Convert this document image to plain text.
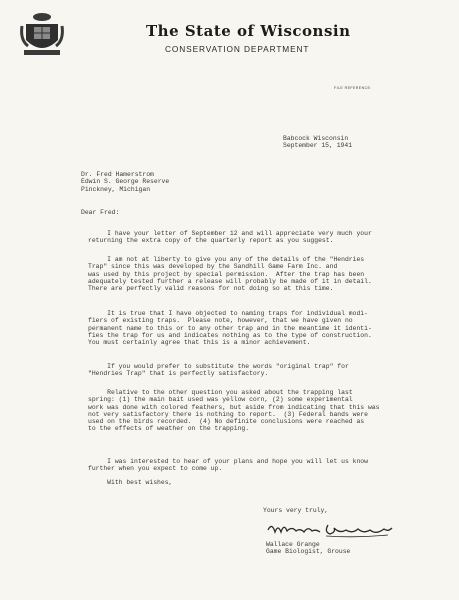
The State of Wisconsin
CONSERVATION DEPARTMENT
FILE REFERENCE:
Babcock Wisconsin
September 15, 1941
Dr. Fred Hamerstrom
Edwin S. George Reserve
Pinckney, Michigan
Dear Fred:
I have your letter of September 12 and will appreciate very much your
returning the extra copy of the quarterly report as you suggest.
I am not at liberty to give you any of the details of the "Hendries
Trap" since this was developed by the Sandhill Game Farm Inc. and
was used by this project by special permission.  After the trap has been
adequately tested further a release will probably be made of it in detail.
There are perfectly valid reasons for not doing so at this time.
It is true that I have objected to naming traps for individual modi-
fiers of existing traps.  Please note, however, that we have given no
permanent name to this or to any other trap and in the meantime it identi-
fies the trap for us and indicates nothing as to the type of construction.
You must certainly agree that this is a minor achievement.
If you would prefer to substitute the words "original trap" for
"Hendries Trap" that is perfectly satisfactory.
Relative to the other question you asked about the trapping last
spring: (1) the main bait used was yellow corn, (2) some experimental
work was done with colored feathers, but aside from indicating that this was
not very satisfactory there is nothing to report.  (3) Federal bands were
used on the birds recorded.  (4) No definite conclusions were reached as
to the effects of weather on the trapping.
I was interested to hear of your plans and hope you will let us know
further when you expect to come up.
With best wishes,
Yours very truly,
Wallace Grange
Game Biologist, Grouse
